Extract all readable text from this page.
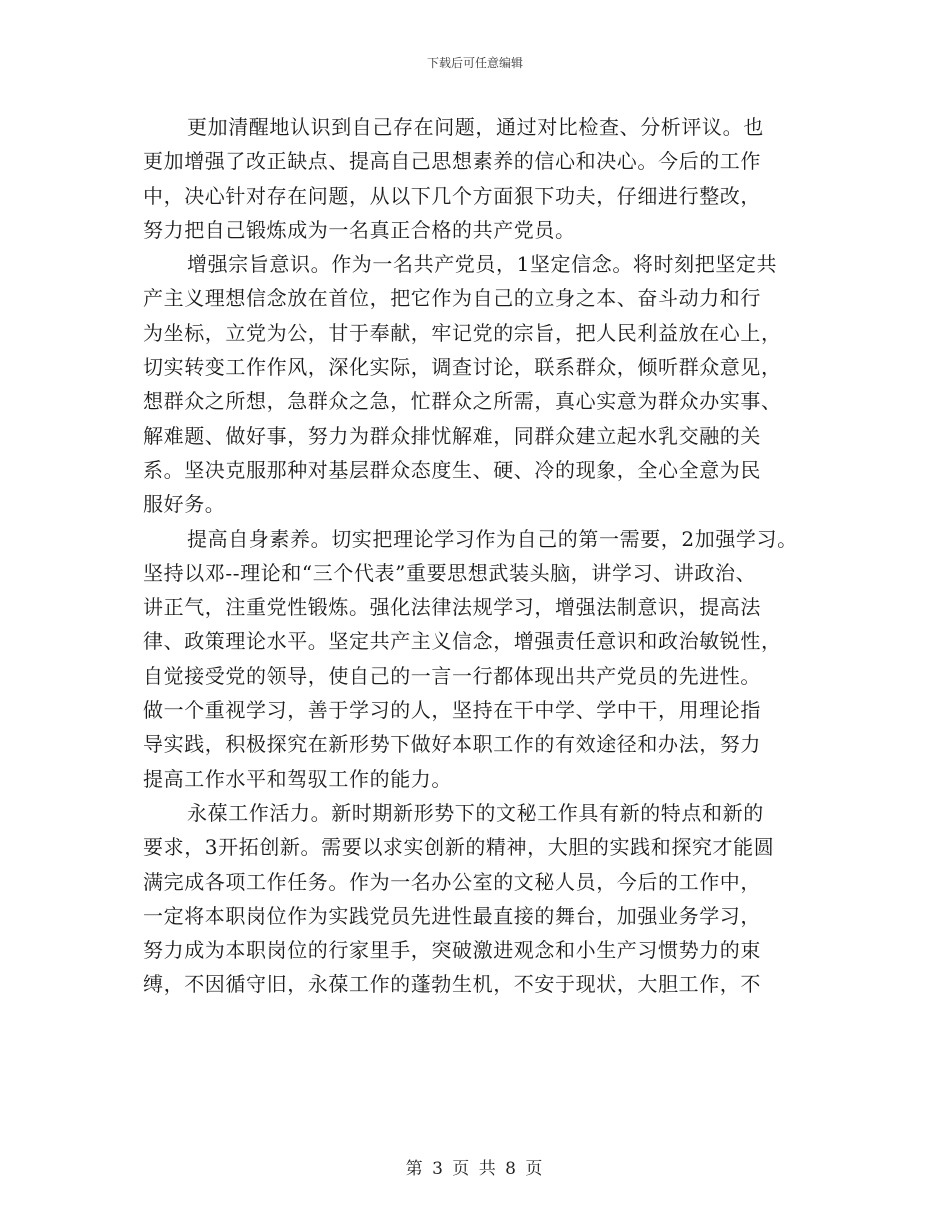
下载后可任意编辑
更加清醒地认识到自己存在问题，通过对比检查、分析评议。也
更加增强了改正缺点、提高自己思想素养的信心和决心。今后的工作
中，决心针对存在问题，从以下几个方面狠下功夫，仔细进行整改，
努力把自己锻炼成为一名真正合格的共产党员。
增强宗旨意识。作为一名共产党员，1坚定信念。将时刻把坚定共
产主义理想信念放在首位，把它作为自己的立身之本、奋斗动力和行
为坐标，立党为公，甘于奉献，牢记党的宗旨，把人民利益放在心上，
切实转变工作作风，深化实际，调查讨论，联系群众，倾听群众意见，
想群众之所想，急群众之急，忙群众之所需，真心实意为群众办实事、
解难题、做好事，努力为群众排忧解难，同群众建立起水乳交融的关
系。坚决克服那种对基层群众态度生、硬、冷的现象，全心全意为民
服好务。
提高自身素养。切实把理论学习作为自己的第一需要，2加强学习。
坚持以邓--理论和“三个代表”重要思想武装头脑，讲学习、讲政治、
讲正气，注重党性锻炼。强化法律法规学习，增强法制意识，提高法
律、政策理论水平。坚定共产主义信念，增强责任意识和政治敏锐性，
自觉接受党的领导，使自己的一言一行都体现出共产党员的先进性。
做一个重视学习，善于学习的人，坚持在干中学、学中干，用理论指
导实践，积极探究在新形势下做好本职工作的有效途径和办法，努力
提高工作水平和驾驭工作的能力。
永葆工作活力。新时期新形势下的文秘工作具有新的特点和新的
要求，3开拓创新。需要以求实创新的精神，大胆的实践和探究才能圆
满完成各项工作任务。作为一名办公室的文秘人员，今后的工作中，
一定将本职岗位作为实践党员先进性最直接的舞台，加强业务学习，
努力成为本职岗位的行家里手，突破激进观念和小生产习惯势力的束
缚，不因循守旧，永葆工作的蓬勃生机，不安于现状，大胆工作，不
第 3 页 共 8 页
